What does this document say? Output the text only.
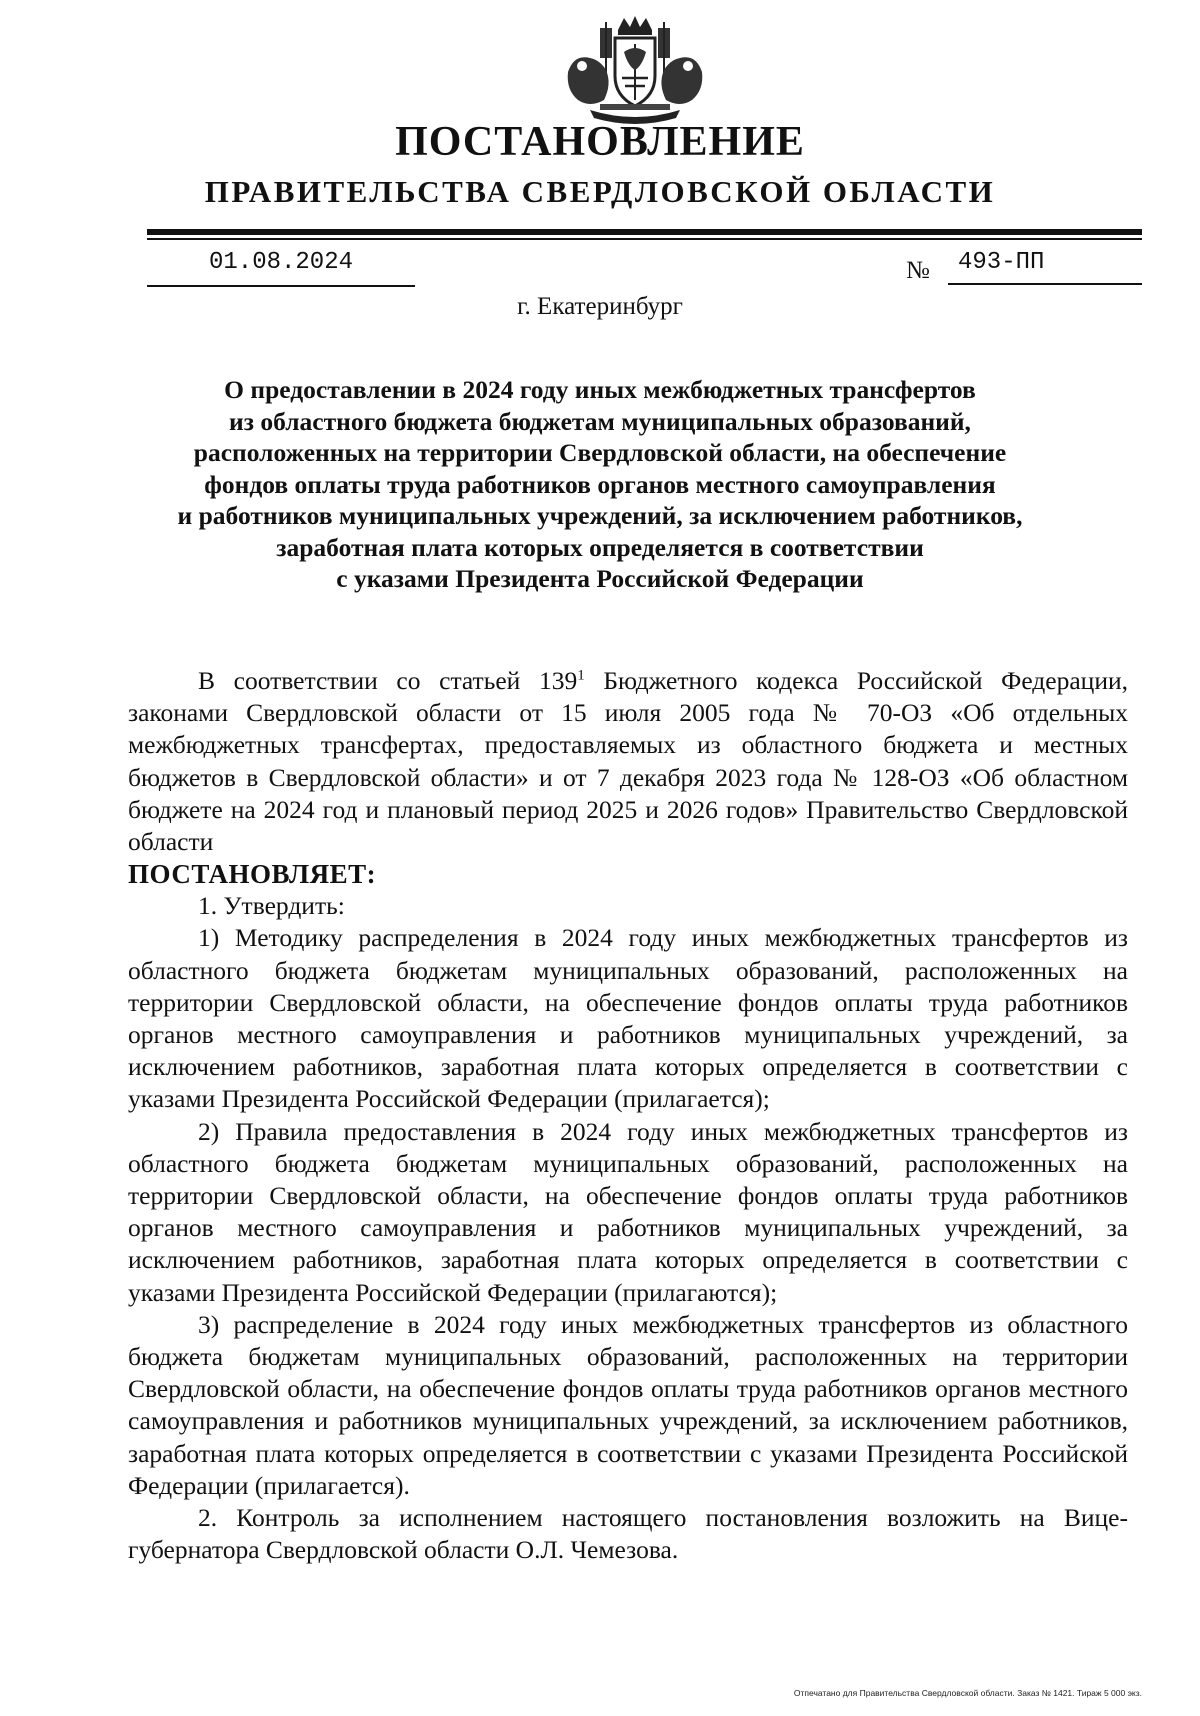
ПОСТАНОВЛЕНИЕ
ПРАВИТЕЛЬСТВА СВЕРДЛОВСКОЙ ОБЛАСТИ
01.08.2024	№	493-ПП
г. Екатеринбург
О предоставлении в 2024 году иных межбюджетных трансфертов
из областного бюджета бюджетам муниципальных образований,
расположенных на территории Свердловской области, на обеспечение
фондов оплаты труда работников органов местного самоуправления
и работников муниципальных учреждений, за исключением работников,
заработная плата которых определяется в соответствии
с указами Президента Российской Федерации

В соответствии со статьей $139^1$ Бюджетного кодекса Российской Федерации, законами Свердловской области от 15 июля 2005 года № 70-ОЗ «Об отдельных межбюджетных трансфертах, предоставляемых из областного бюджета и местных бюджетов в Свердловской области» и от 7 декабря 2023 года № 128-ОЗ «Об областном бюджете на 2024 год и плановый период 2025 и 2026 годов» Правительство Свердловской области

ПОСТАНОВЛЯЕТ:

1. Утвердить:

1) Методику распределения в 2024 году иных межбюджетных трансфертов из областного бюджета бюджетам муниципальных образований, расположенных на территории Свердловской области, на обеспечение фондов оплаты труда работников органов местного самоуправления и работников муниципальных учреждений, за исключением работников, заработная плата которых определяется в соответствии с указами Президента Российской Федерации (прилагается);

2) Правила предоставления в 2024 году иных межбюджетных трансфертов из областного бюджета бюджетам муниципальных образований, расположенных на территории Свердловской области, на обеспечение фондов оплаты труда работников органов местного самоуправления и работников муниципальных учреждений, за исключением работников, заработная плата которых определяется в соответствии с указами Президента Российской Федерации (прилагаются);

3) распределение в 2024 году иных межбюджетных трансфертов из областного бюджета бюджетам муниципальных образований, расположенных на территории Свердловской области, на обеспечение фондов оплаты труда работников органов местного самоуправления и работников муниципальных учреждений, за исключением работников, заработная плата которых определяется в соответствии с указами Президента Российской Федерации (прилагается).

2. Контроль за исполнением настоящего постановления возложить на Вице-губернатора Свердловской области О.Л. Чемезова.

Отпечатано для Правительства Свердловской области. Заказ № 1421. Тираж 5 000 экз.
